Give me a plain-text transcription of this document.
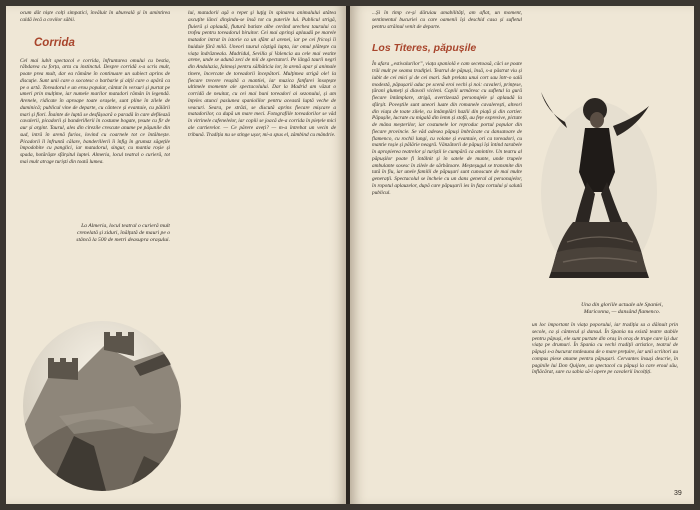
ocum dăt niște colți simpatici, învăluit în abureală și în amintirea caldă lecă a covilor săbii.

Corrida

Cel mai iubit spectacol e corrida, înfruntarea omului cu bestia, răbdarea cu forța, arta cu instinctul. Despre corridă s-a scris mult, poate prea mult, dar ea rămâne în continuare un subiect aprins de discuție. Sunt unii care o socotesc o barbarie și alții care o apără ca pe o artă. Toreadorul e un erou popular, cântat în versuri și purtat pe umeri prin mulțime, iar numele marilor matadori rămân în legendă. Arenele, ridicate în aproape toate orașele, sunt pline în zilele de duminică; publicul vine de departe, cu cântece și evantaie, cu pălării mari și flori. Înainte de luptă se desfășoară o paradă în care defilează cavalerii, picadorii și banderillerii în costume bogate, țesute cu fir de aur și argint. Taurul, ales din cirezile crescute anume pe pășunile din sud, intră în arenă furios, lovind cu coarnele tot ce întâlnește. Picadorii îl înfruntă călare, banderillerii îi înfig în grumaz săgețile împodobite cu panglici, iar matadorul, singur, cu mantia roșie și spada, hotărăște sfârșitul luptei. Almeria, locul teatral o curieră, tot mai mult atrage turiști din toată lumea.

La Almeria, locul teatral o curieră mult crenelată și ziduri, înălțată de mauri pe o stâncă la 500 de metri deasupra orașului.

lui, matadorii aşă o repet şi luţig în spinarea animalului atâtea ascuţite lănci dinşindu-se însă tot cu puterile lui. Publicul strigă, fluieră și aplaudă, flutură batiste albe cerând urechea taurului ca trofeu pentru toreadorul biruitor. Cei mai aprinşi aplaudă pe marele matador intrat în istorie ca un sfânt al arenei, iar pe cei fricoși îi huiduie fără milă. Uneori taurul câștigă lupta, iar omul plătește cu viața îndrăzneala. Madridul, Sevilla și Valencia au cele mai vestite arene, unde se adună zeci de mii de spectatori. Pe lângă taurii negri din Andaluzia, faimoși pentru sălbăticia lor, în arenă apar și animale tinere, încercate de toreadorii începători. Mulţimea strigă ole! la fiecare trecere reușită a mantiei, iar muzica fanfarei însoțește ultimele momente ale spectacolului. Dar la Madrid am văzut o corridă de neuitat, cu cei mai buni toreadori ai sezonului, și am înțeles atunci pasiunea spaniolilor pentru această luptă veche de veacuri. Seara, pe străzi, se discută aprins fiecare mișcare a matadorilor, ca după un mare meci. Fotografiile toreadorilor se văd în vitrinele cafenelelor, iar copiii se joacă de-a corrida în piețele mici ale cartierelor. — Ce părere aveți? — m-a întrebat un vecin de tribună. Tradiția nu se stinge ușor, mi-a spus el, zâmbind cu mândrie.

...Și în timp ce-și dăruiau amabilități, am aflat, un moment, sentimentul bucuriei cu care oamenii își deschid casa și sufletul pentru străinul venit de departe.

Los Titeres, păpușile

În afara „estivalurilor”, viața spaniolă e cam secetoasă, căci se poate trăi mult pe seama tradiţiei. Teatrul de păpuși, însă, s-a păstrat viu și iubit de cei mici și de cei mari. Sub prelata unui cort sau într-o sală modestă, păpușarii aduc pe scenă eroi vechi și noi: cavaleri, prințese, țărani glumeți și diavoli vicleni. Copiii urmăresc cu sufletul la gură fiecare întâmplare, strigă, avertizează personajele și aplaudă la sfârșit. Poveștile sunt uneori luate din romanele cavalerești, alteori din viața de toate zilele, cu întâmplări hazlii din piață și din cartier. Păpușile, lucrate cu migală din lemn și stofă, au fețe expresive, pictate de mâna meșterilor, iar costumele lor reproduc portul popular din fiecare provincie. Se văd adesea păpuși îmbrăcate ca dansatoare de flamenco, cu rochii lungi, cu volane și evantaie, ori ca toreadori, cu mantie roșie și pălărie neagră. Vânzătorii de păpuși își întind tarabele în apropierea teatrelor și turiștii le cumpără ca amintire. Un teatru al păpușilor poate fi întâlnit și în satele de munte, unde trupele ambulante sosesc în zilele de sărbătoare. Meșteșugul se transmite din tată în fiu, iar unele familii de păpușari sunt cunoscute de mai multe generații. Spectacolul se încheie cu un dans general al personajelor, în ropotul aplauzelor, după care păpușarii ies în fața cortului și salută publicul.

Una din gloriile actuale ale Spaniei, Mariconna, — dansând flamenco.

un loc important în viața poporului, iar tradiția sa a dăinuit prin secole, ca și cântecul și dansul. În Spania nu există teatre stabile pentru păpuși, ele sunt purtate din oraș în oraș de trupe care își duc viața pe drumuri. În Spania cu vechi tradiţii artistice, teatrul de păpuși s-a bucurat totdeauna de o mare prețuire, iar unii scriitori au compus piese anume pentru păpușari. Cervantes însuși descrie, în paginile lui Don Quijote, un spectacol cu păpuși la care eroul său, înflăcărat, sare cu sabia să-i apere pe cavalerii încolțiți.

39
